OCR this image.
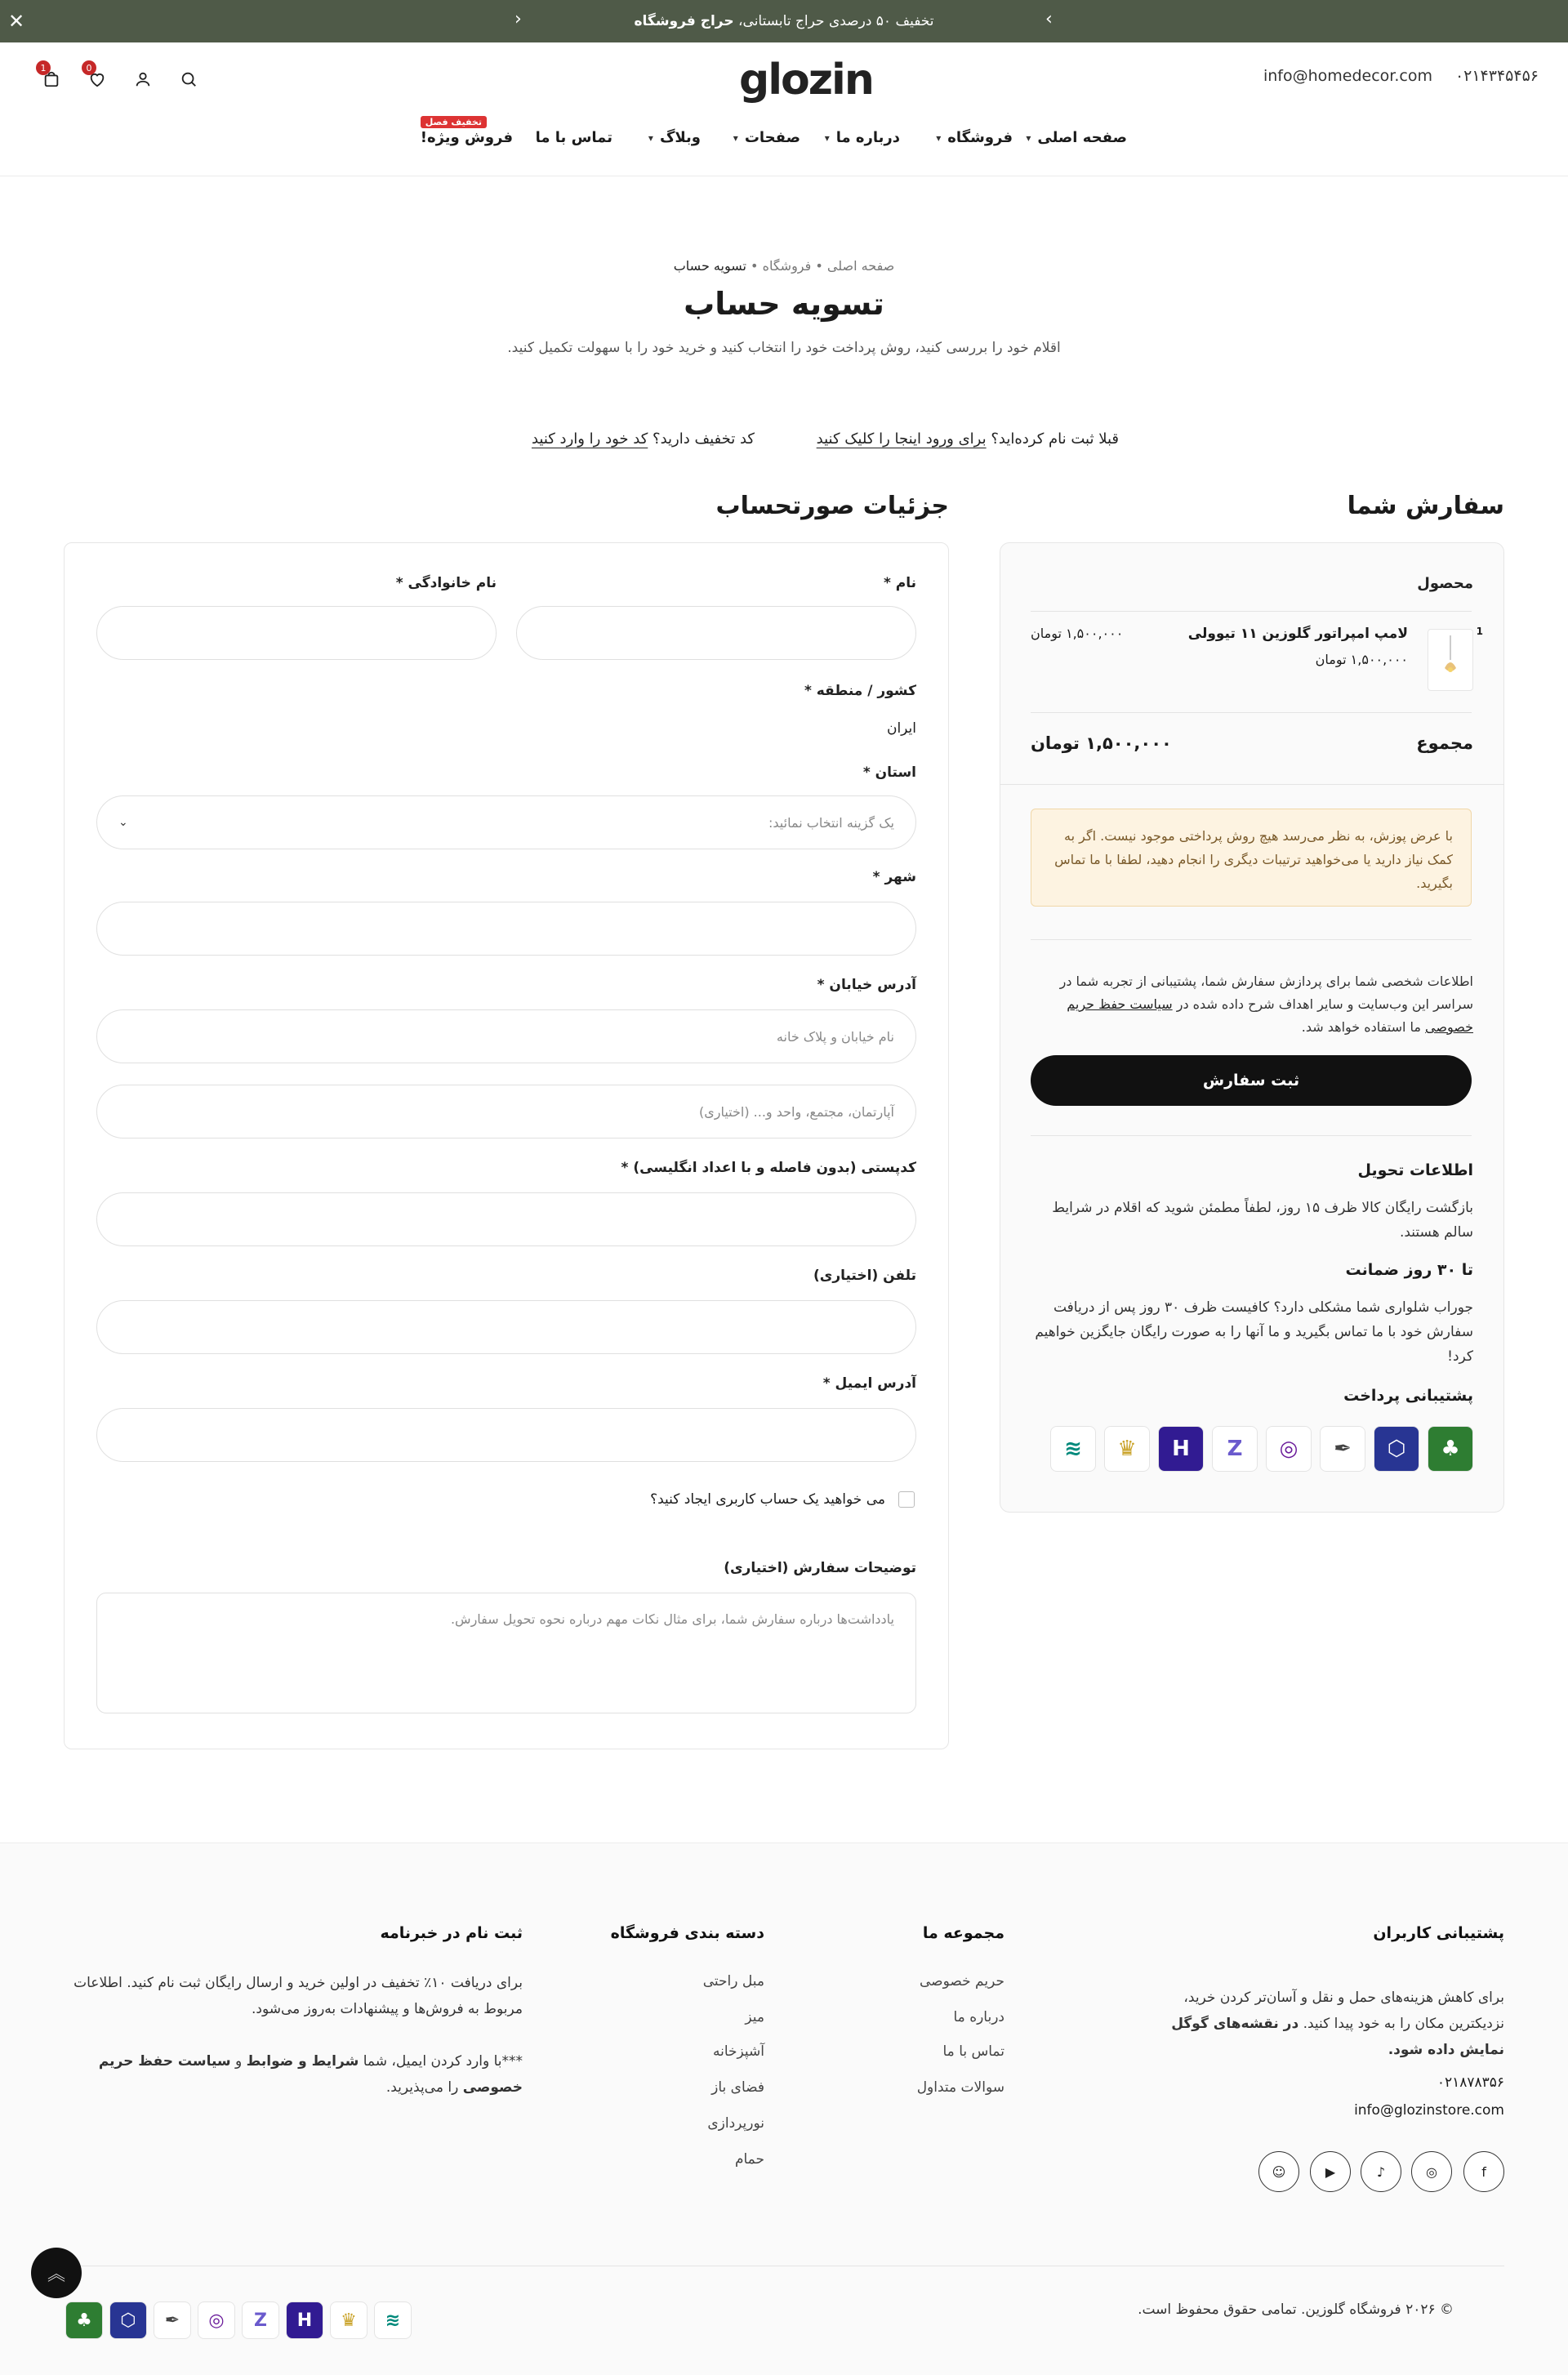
✕	‹	تخفیف ۵۰ درصدی حراج تابستانی، حراج فروشگاه	›
۰۲۱۴۳۴۵۴۵۶
info@homedecor.com
glozin
0
1
صفحه اصلی
▾
فروشگاه
▾
درباره ما
▾
صفحات
▾
وبلاگ
▾
تماس با ما
فروش ویژه!
تخفیف فصل
صفحه اصلی • فروشگاه • تسویه حساب
تسویه حساب
اقلام خود را بررسی کنید، روش پرداخت خود را انتخاب کنید و خرید خود را با سهولت تکمیل کنید.
قبلا ثبت نام کرده‌اید؟ برای ورود اینجا را کلیک کنید
کد تخفیف دارید؟ کد خود را وارد کنید
سفارش شما
محصول
1
لامپ امپراتور گلوزین ۱۱ تیوولی
۱,۵۰۰,۰۰۰ تومان
۱,۵۰۰,۰۰۰ تومان
مجموع
۱,۵۰۰,۰۰۰ تومان
با عرض پوزش، به نظر می‌رسد هیچ روش پرداختی موجود نیست. اگر به کمک نیاز دارید یا می‌خواهید ترتیبات دیگری را انجام دهید، لطفا با ما تماس بگیرید.
اطلاعات شخصی شما برای پردازش سفارش شما، پشتیبانی از تجربه شما در سراسر این وب‌سایت و سایر اهداف شرح داده شده در سیاست حفظ حریم خصوصی ما استفاده خواهد شد.
ثبت سفارش
اطلاعات تحویل
بازگشت رایگان کالا ظرف ۱۵ روز، لطفاً مطمئن شوید که اقلام در شرایط سالم هستند.
تا ۳۰ روز ضمانت
جوراب شلواری شما مشکلی دارد؟ کافیست ظرف ۳۰ روز پس از دریافت سفارش خود با ما تماس بگیرید و ما آنها را به صورت رایگان جایگزین خواهیم کرد!
پشتیبانی پرداخت
♣
⬡
✒
◎
Z
H
♛
≋
جزئیات صورتحساب
نام *
نام خانوادگی *
کشور / منطقه *
ایران
استان *
یک گزینه انتخاب نمائید:
⌄
شهر *
آدرس خیابان *
نام خیابان و پلاک خانه
آپارتمان، مجتمع، واحد و... (اختیاری)
کدپستی (بدون فاصله و با اعداد انگلیسی) *
تلفن (اختیاری)
آدرس ایمیل *
می خواهید یک حساب کاربری ایجاد کنید؟
توضیحات سفارش (اختیاری)
یادداشت‌ها درباره سفارش شما، برای مثال نکات مهم درباره نحوه تحویل سفارش.
پشتیبانی کاربران
برای کاهش هزینه‌های حمل و نقل و آسان‌تر کردن خرید، نزدیکترین مکان را به خود پیدا کنید. در نقشه‌های گوگل نمایش داده شود.
۰۲۱۸۷۸۳۵۶
info@glozinstore.com
f
◎
♪
▶
☺
مجموعه ما
حریم خصوصی
درباره ما
تماس با ما
سوالات متداول
دسته بندی فروشگاه
مبل راحتی
میز
آشپزخانه
فضای باز
نورپردازی
حمام
ثبت نام در خبرنامه
برای دریافت ۱۰٪ تخفیف در اولین خرید و ارسال رایگان ثبت نام کنید. اطلاعات مربوط به فروش‌ها و پیشنهادات به‌روز می‌شود.
***با وارد کردن ایمیل، شما شرایط و ضوابط و سیاست حفظ حریم خصوصی را می‌پذیرید.
© ۲۰۲۶ فروشگاه گلوزین. تمامی حقوق محفوظ است.
≋
♛
H
Z
◎
✒
⬡
♣
︽
